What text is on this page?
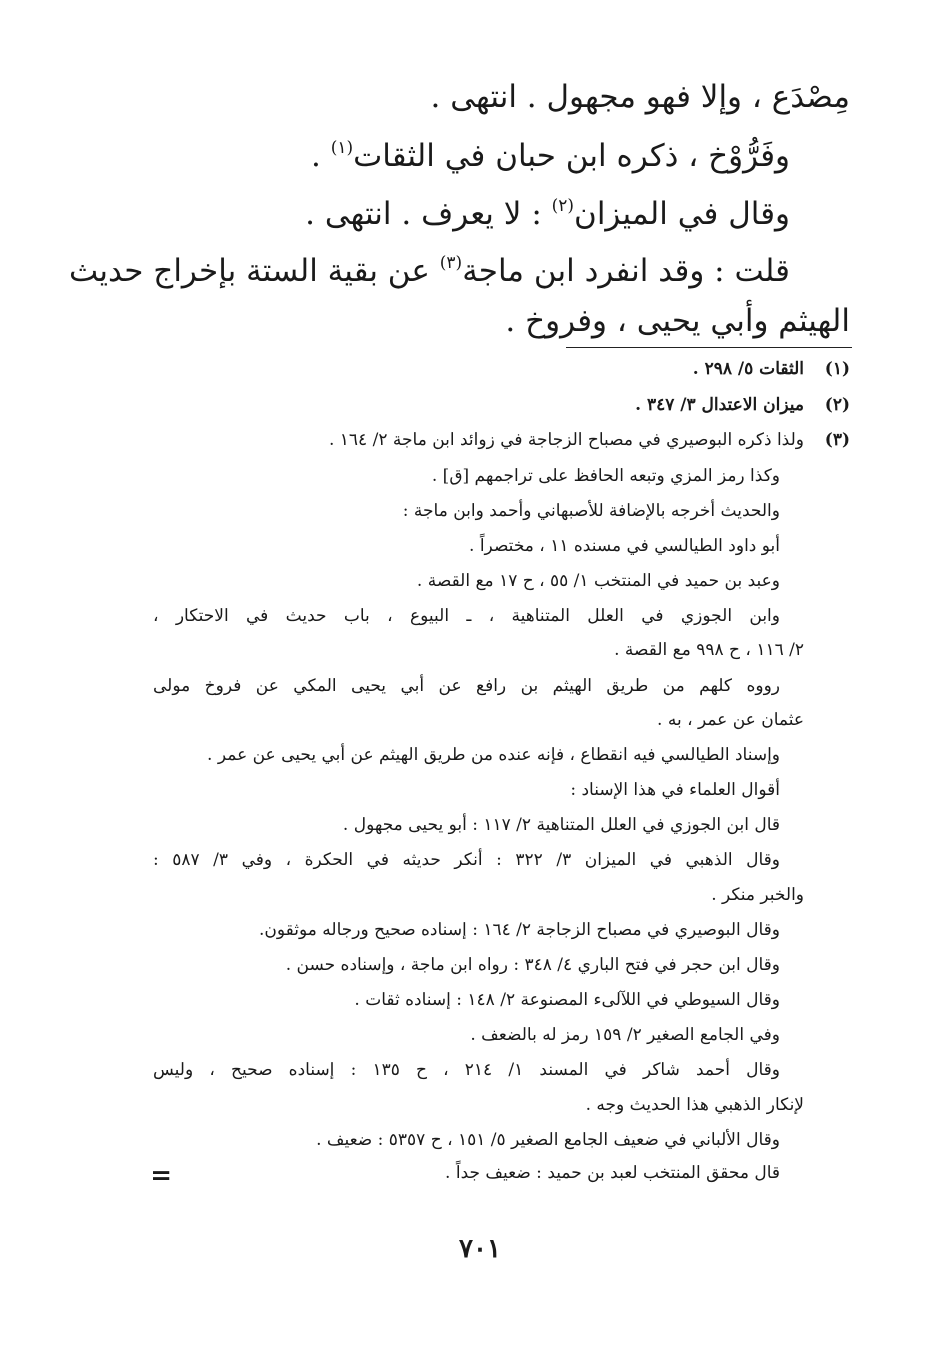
مِصْدَع ، وإلا فهو مجهول . انتهى .

وفَرُّوْخ ، ذكره ابن حبان في الثقات$^{(١)}$ .

وقال في الميزان$^{(٢)}$ : لا يعرف . انتهى .

قلت : وقد انفرد ابن ماجة$^{(٣)}$ عن بقية الستة بإخراج حديث

الهيثم وأبي يحيى ، وفروخ .

(١)

الثقات ٥/ ٢٩٨ .

(٢)

ميزان الاعتدال ٣/ ٣٤٧ .

(٣)

ولذا ذكره البوصيري في مصباح الزجاجة في زوائد ابن ماجة ٢/ ١٦٤ .

وكذا رمز المزي وتبعه الحافظ على تراجمهم [ق] .

والحديث أخرجه بالإضافة للأصبهاني وأحمد وابن ماجة :

أبو داود الطيالسي في مسنده ١١ ، مختصراً .

وعبد بن حميد في المنتخب ١/ ٥٥ ، ح ١٧ مع القصة .

وابن الجوزي في العلل المتناهية ، ـ البيوع ، باب حديث في الاحتكار ،

٢/ ١١٦ ، ح ٩٩٨ مع القصة .

رووه كلهم من طريق الهيثم بن رافع عن أبي يحيى المكي عن فروخ مولى

عثمان عن عمر ، به .

وإسناد الطيالسي فيه انقطاع ، فإنه عنده من طريق الهيثم عن أبي يحيى عن عمر .

أقوال العلماء في هذا الإسناد :

قال ابن الجوزي في العلل المتناهية ٢/ ١١٧ : أبو يحيى مجهول .

وقال الذهبي في الميزان ٣/ ٣٢٢ : أنكر حديثه في الحكرة ، وفي ٣/ ٥٨٧ :

والخبر منكر .

وقال البوصيري في مصباح الزجاجة ٢/ ١٦٤ : إسناده صحيح ورجاله موثقون.

وقال ابن حجر في فتح الباري ٤/ ٣٤٨ : رواه ابن ماجة ، وإسناده حسن .

وقال السيوطي في اللآلىء المصنوعة ٢/ ١٤٨ : إسناده ثقات .

وفي الجامع الصغير ٢/ ١٥٩ رمز له بالضعف .

وقال أحمد شاكر في المسند ١/ ٢١٤ ، ح ١٣٥ : إسناده صحيح ، وليس

لإنكار الذهبي هذا الحديث وجه .

وقال الألباني في ضعيف الجامع الصغير ٥/ ١٥١ ، ح ٥٣٥٧ : ضعيف .

قال محقق المنتخب لعبد بن حميد : ضعيف جداً .

=
٧٠١
